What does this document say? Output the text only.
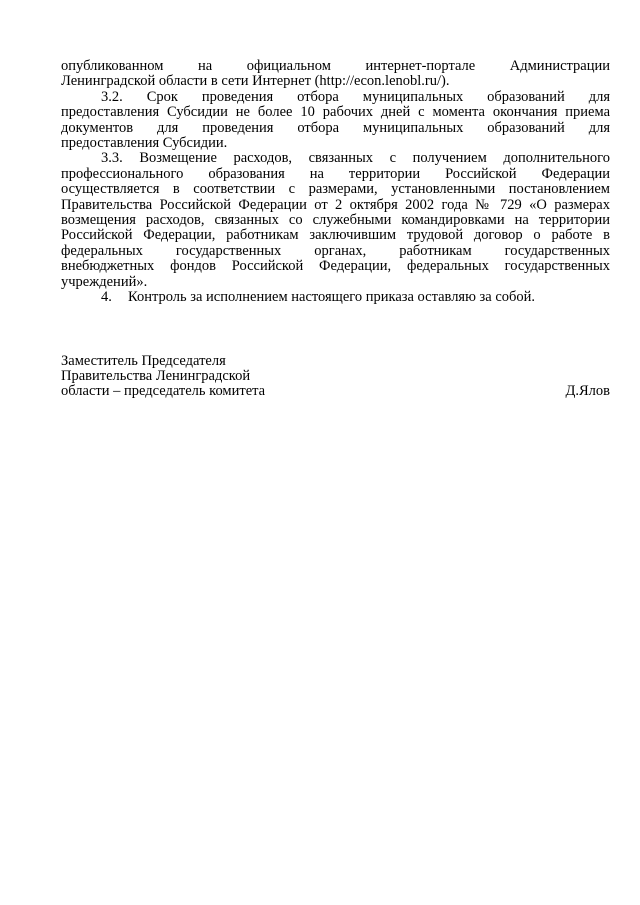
опубликованном на официальном интернет-портале Администрации
Ленинградской области в сети Интернет (http://econ.lenobl.ru/).
3.2. Срок проведения отбора муниципальных образований для
предоставления Субсидии не более 10 рабочих дней с момента окончания приема
документов для проведения отбора муниципальных образований для
предоставления Субсидии.
3.3. Возмещение расходов, связанных с получением дополнительного
профессионального образования на территории Российской Федерации
осуществляется в соответствии с размерами, установленными постановлением
Правительства Российской Федерации от 2 октября 2002 года № 729 «О размерах
возмещения расходов, связанных со служебными командировками на территории
Российской Федерации, работникам заключившим трудовой договор о работе в
федеральных государственных органах, работникам государственных
внебюджетных фондов Российской Федерации, федеральных государственных
учреждений».
4. Контроль за исполнением настоящего приказа оставляю за собой.
Заместитель Председателя
Правительства Ленинградской
области – председатель комитета	Д.Ялов
